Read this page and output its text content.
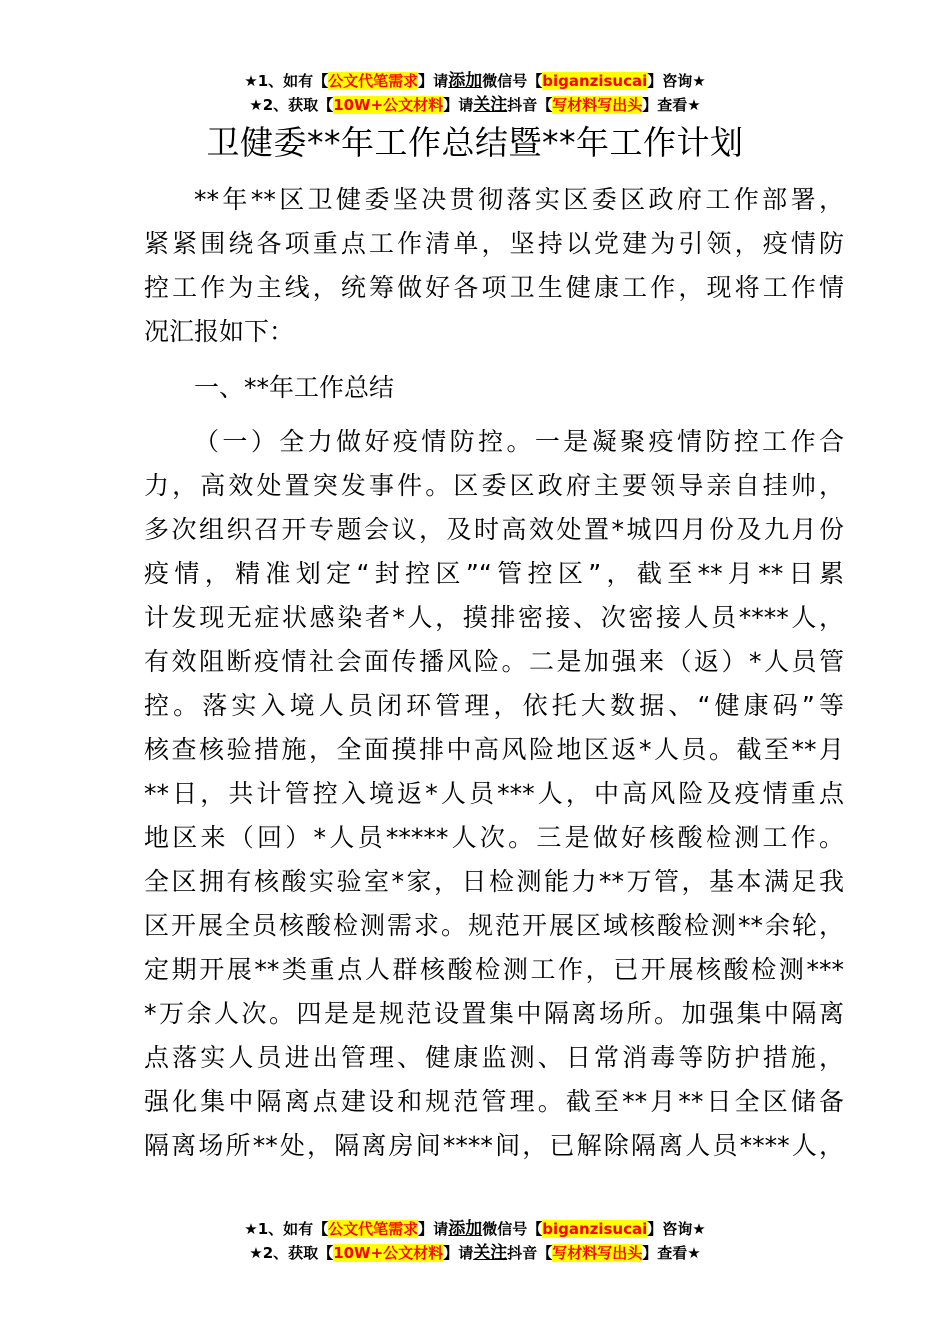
★1、如有【公文代笔需求】请添加微信号【biganzisucai】咨询★
★2、获取【10W+公文材料】请关注抖音【写材料写出头】查看★
卫健委**年工作总结暨**年工作计划
**年**区卫健委坚决贯彻落实区委区政府工作部署，
紧紧围绕各项重点工作清单，坚持以党建为引领，疫情防
控工作为主线，统筹做好各项卫生健康工作，现将工作情
况汇报如下：
一、**年工作总结
（一）全力做好疫情防控。一是凝聚疫情防控工作合
力，高效处置突发事件。区委区政府主要领导亲自挂帅，
多次组织召开专题会议，及时高效处置*城四月份及九月份
疫情，精准划定“封控区”“管控区”，截至**月**日累
计发现无症状感染者*人，摸排密接、次密接人员****人，
有效阻断疫情社会面传播风险。二是加强来（返）*人员管
控。落实入境人员闭环管理，依托大数据、“健康码”等
核查核验措施，全面摸排中高风险地区返*人员。截至**月
**日，共计管控入境返*人员***人，中高风险及疫情重点
地区来（回）*人员*****人次。三是做好核酸检测工作。
全区拥有核酸实验室*家，日检测能力**万管，基本满足我
区开展全员核酸检测需求。规范开展区域核酸检测**余轮，
定期开展**类重点人群核酸检测工作，已开展核酸检测***
*万余人次。四是是规范设置集中隔离场所。加强集中隔离
点落实人员进出管理、健康监测、日常消毒等防护措施，
强化集中隔离点建设和规范管理。截至**月**日全区储备
隔离场所**处，隔离房间****间，已解除隔离人员****人，
★1、如有【公文代笔需求】请添加微信号【biganzisucai】咨询★
★2、获取【10W+公文材料】请关注抖音【写材料写出头】查看★
